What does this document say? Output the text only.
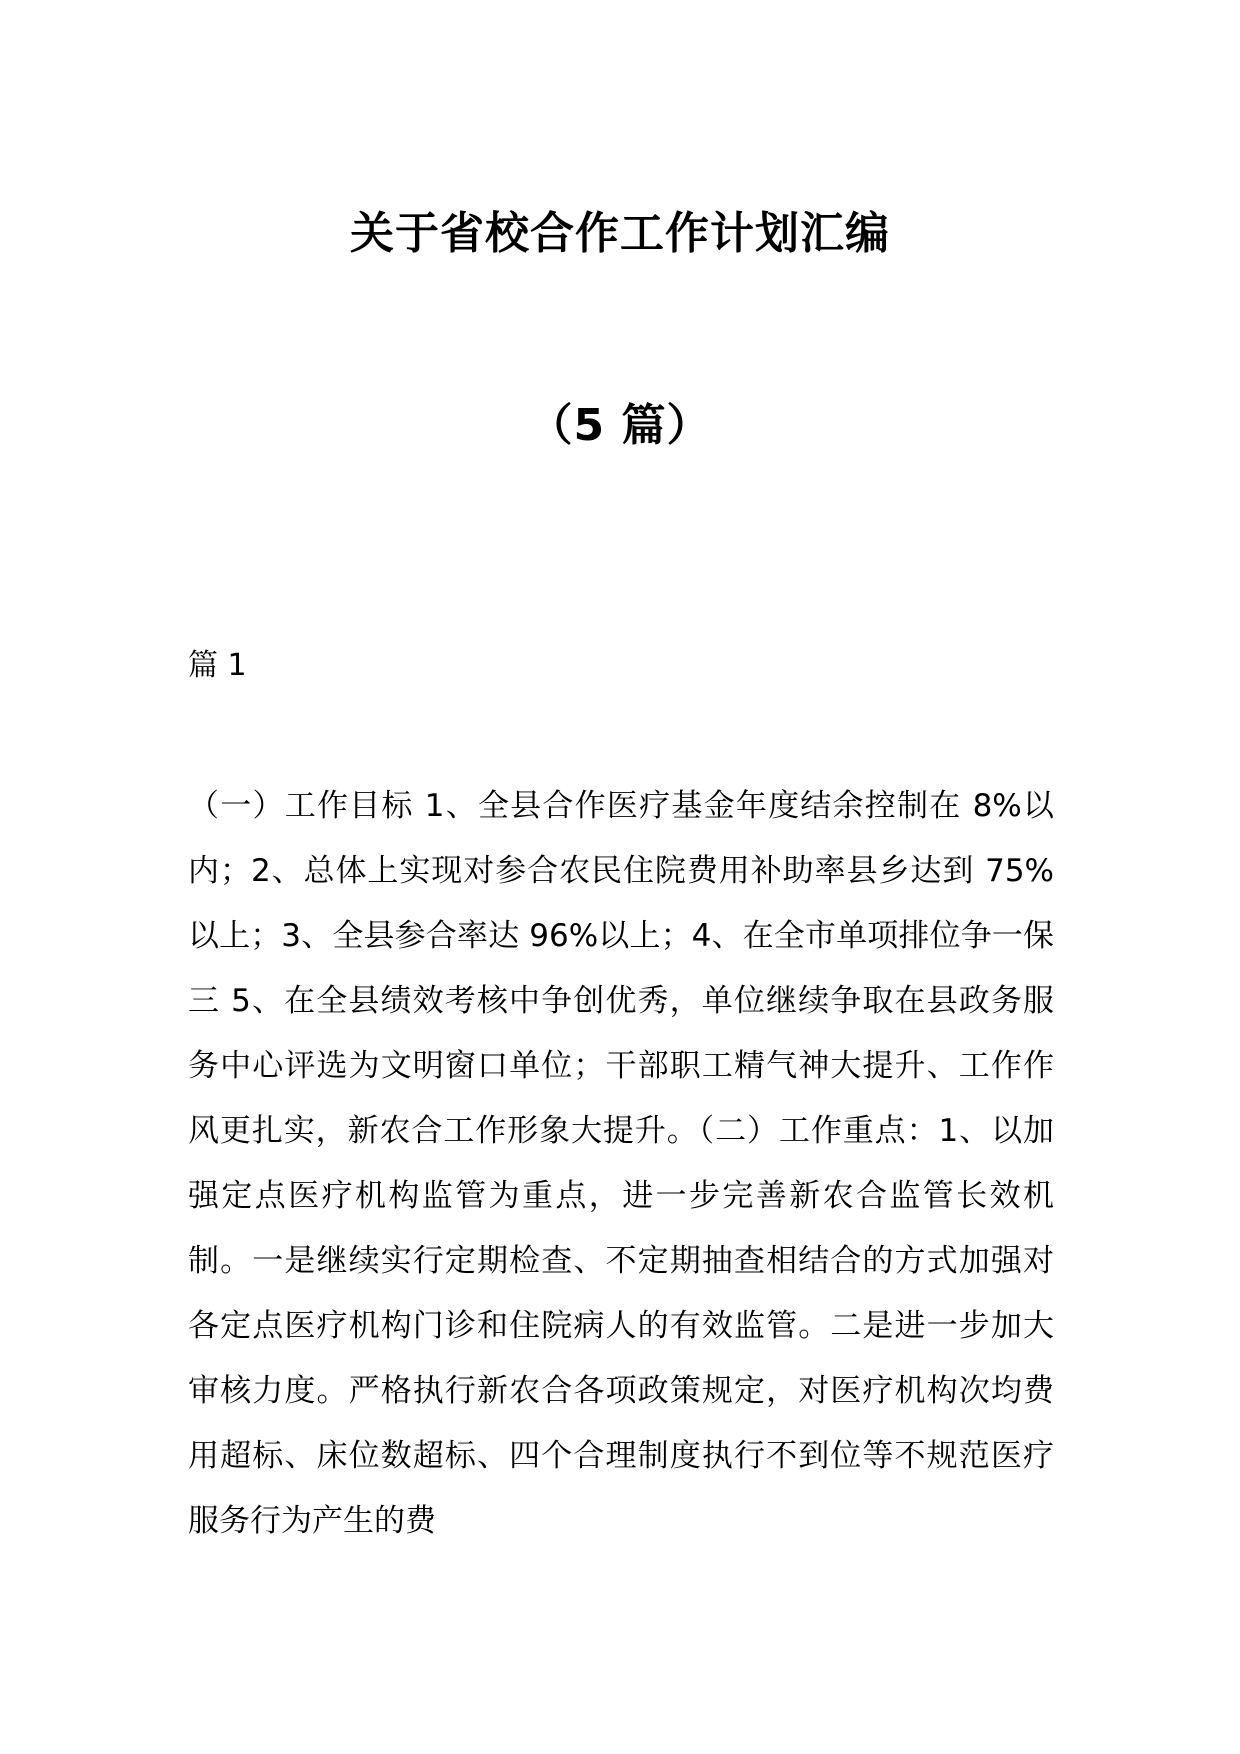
关于省校合作工作计划汇编
（5 篇）

篇 1

（一）工作目标 1、全县合作医疗基金年度结余控制在 8%以内；2、总体上实现对参合农民住院费用补助率县乡达到 75%以上；3、全县参合率达 96%以上；4、在全市单项排位争一保三 5、在全县绩效考核中争创优秀，单位继续争取在县政务服务中心评选为文明窗口单位；干部职工精气神大提升、工作作风更扎实，新农合工作形象大提升。（二）工作重点：1、以加强定点医疗机构监管为重点，进一步完善新农合监管长效机制。一是继续实行定期检查、不定期抽查相结合的方式加强对各定点医疗机构门诊和住院病人的有效监管。二是进一步加大审核力度。严格执行新农合各项政策规定，对医疗机构次均费用超标、床位数超标、四个合理制度执行不到位等不规范医疗服务行为产生的费
